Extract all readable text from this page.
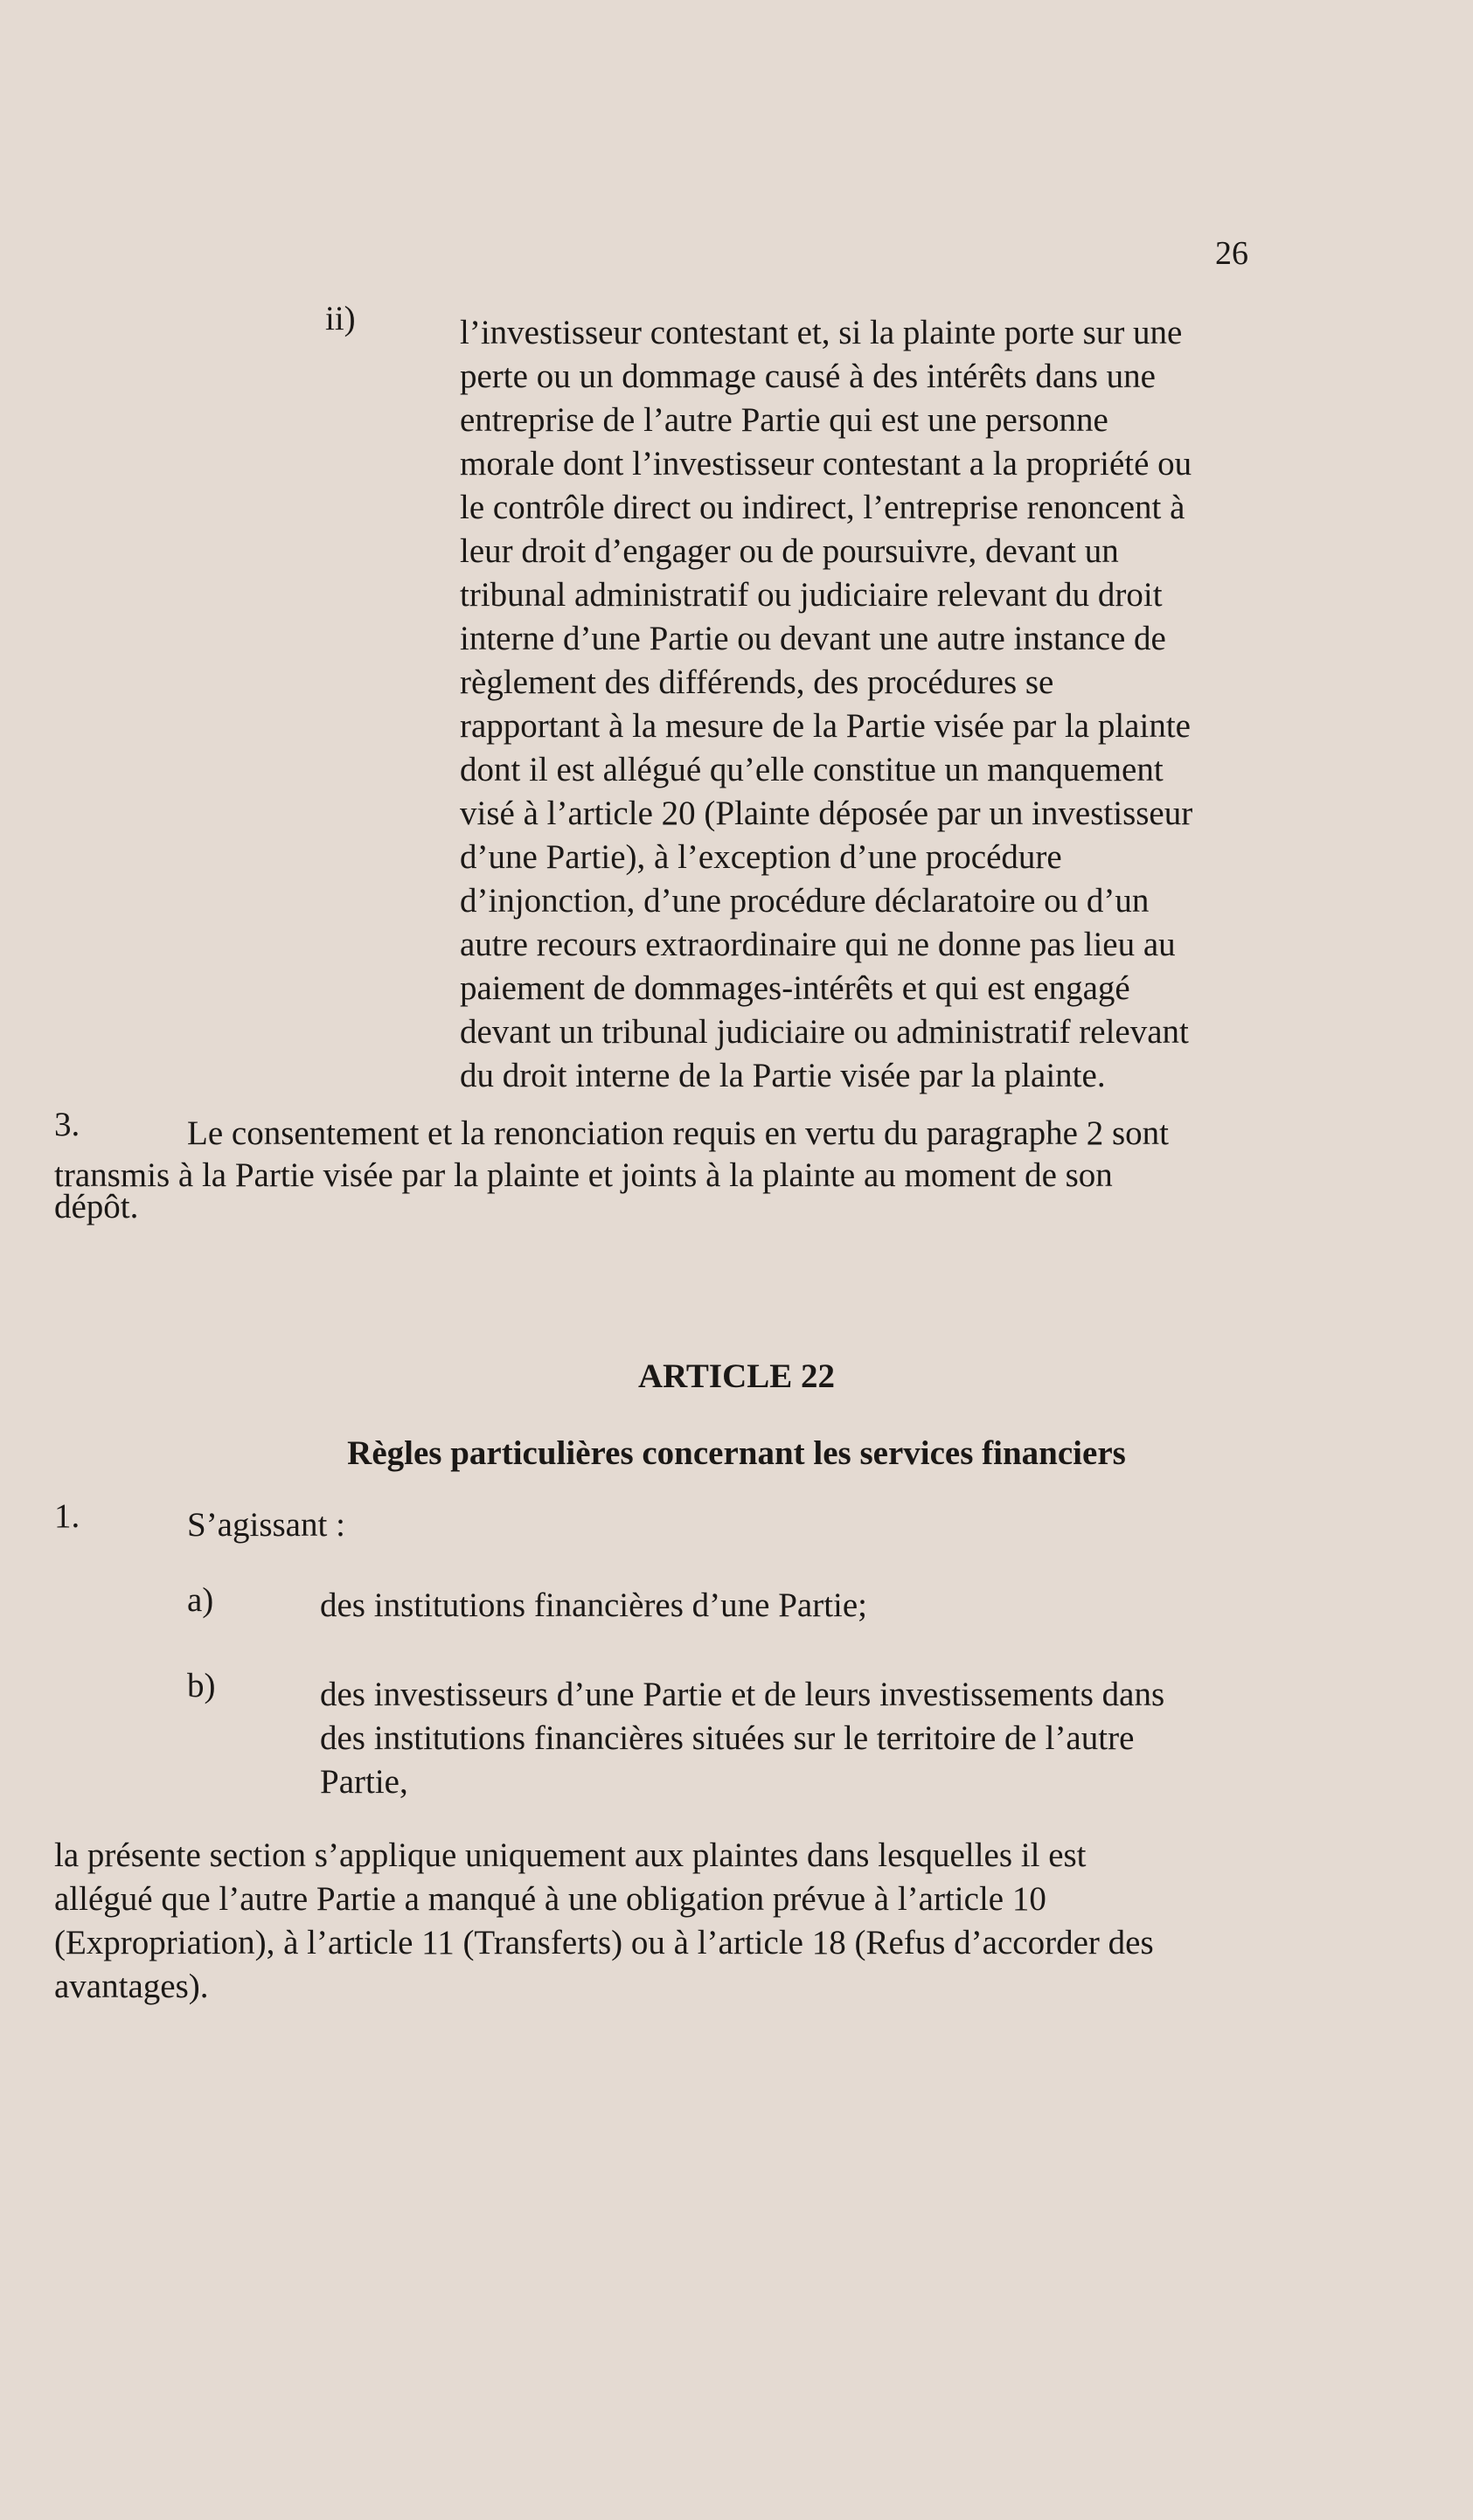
26
ii)	l’investisseur contestant et, si la plainte porte sur une
perte ou un dommage causé à des intérêts dans une
entreprise de l’autre Partie qui est une personne
morale dont l’investisseur contestant a la propriété ou
le contrôle direct ou indirect, l’entreprise renoncent à
leur droit d’engager ou de poursuivre, devant un
tribunal administratif ou judiciaire relevant du droit
interne d’une Partie ou devant une autre instance de
règlement des différends, des procédures se
rapportant à la mesure de la Partie visée par la plainte
dont il est allégué qu’elle constitue un manquement
visé à l’article 20 (Plainte déposée par un investisseur
d’une Partie), à l’exception d’une procédure
d’injonction, d’une procédure déclaratoire ou d’un
autre recours extraordinaire qui ne donne pas lieu au
paiement de dommages-intérêts et qui est engagé
devant un tribunal judiciaire ou administratif relevant
du droit interne de la Partie visée par la plainte.
3.	Le consentement et la renonciation requis en vertu du paragraphe 2 sont
transmis à la Partie visée par la plainte et joints à la plainte au moment de son
dépôt.
ARTICLE 22
Règles particulières concernant les services financiers
1.	S’agissant :
a)	des institutions financières d’une Partie;
b)	des investisseurs d’une Partie et de leurs investissements dans
des institutions financières situées sur le territoire de l’autre
Partie,
la présente section s’applique uniquement aux plaintes dans lesquelles il est
allégué que l’autre Partie a manqué à une obligation prévue à l’article 10
(Expropriation), à l’article 11 (Transferts) ou à l’article 18 (Refus d’accorder des
avantages).
